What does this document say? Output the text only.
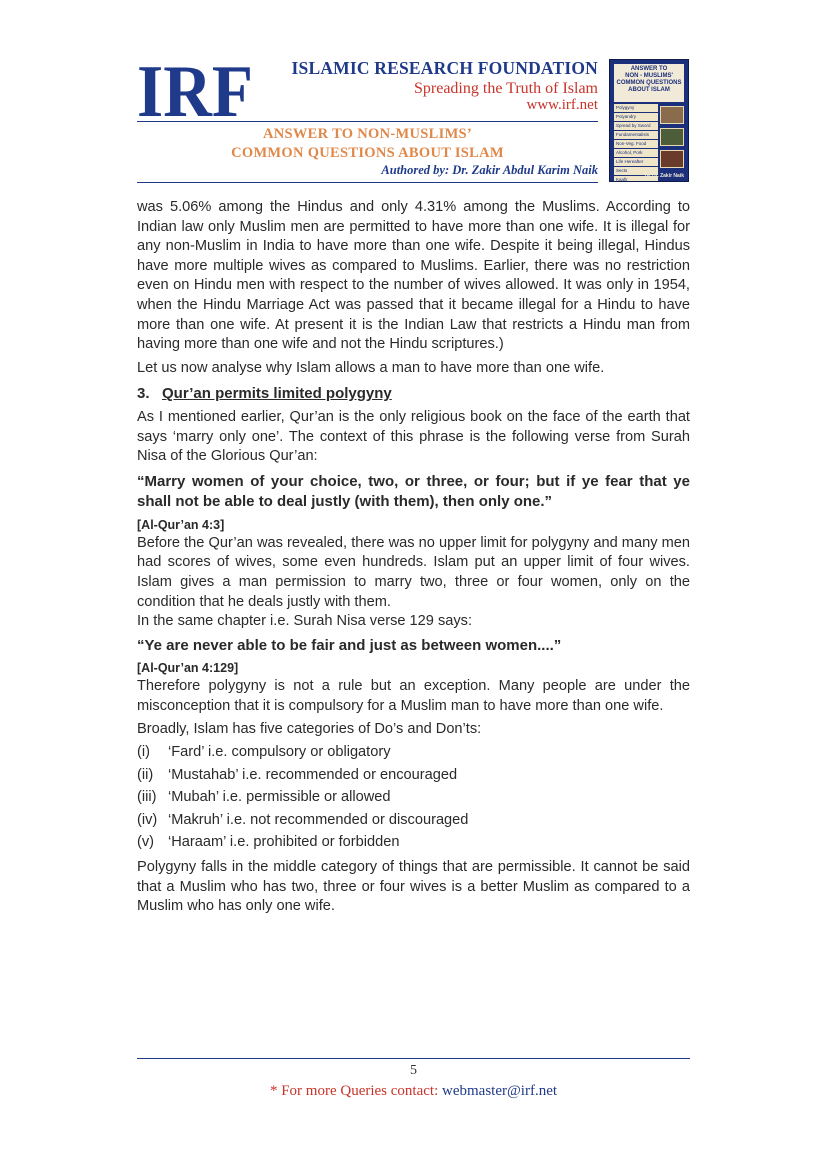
IRF	ISLAMIC RESEARCH FOUNDATION
Spreading the Truth of Islam
www.irf.net
ANSWER TO NON-MUSLIMS’
COMMON QUESTIONS ABOUT ISLAM
Authored by: Dr. Zakir Abdul Karim Naik
ANSWER TO
NON - MUSLIMS'
COMMON QUESTIONS
ABOUT ISLAM
Polygyny
Polyandry
Spread by Sword
Fundamentalists
Non-Veg. Food
Alcohol, Pork
Life Hereafter
Sects
Kaafir
by Dr. Zakir Naik

was 5.06% among the Hindus and only 4.31% among the Muslims. According to Indian law only Muslim men are permitted to have more than one wife. It is illegal for any non-Muslim in India to have more than one wife. Despite it being illegal, Hindus have more multiple wives as compared to Muslims. Earlier, there was no restriction even on Hindu men with respect to the number of wives allowed. It was only in 1954, when the Hindu Marriage Act was passed that it became illegal for a Hindu to have more than one wife. At present it is the Indian Law that restricts a Hindu man from having more than one wife and not the Hindu scriptures.)

Let us now analyse why Islam allows a man to have more than one wife.

3. Qur’an permits limited polygyny

As I mentioned earlier, Qur’an is the only religious book on the face of the earth that says ‘marry only one’. The context of this phrase is the following verse from Surah Nisa of the Glorious Qur’an:

“Marry women of your choice, two, or three, or four; but if ye fear that ye shall not be able to deal justly (with them), then only one.”

[Al-Qur’an 4:3]

Before the Qur’an was revealed, there was no upper limit for polygyny and many men had scores of wives, some even hundreds. Islam put an upper limit of four wives. Islam gives a man permission to marry two, three or four women, only on the condition that he deals justly with them.

In the same chapter i.e. Surah Nisa verse 129 says:

“Ye are never able to be fair and just as between women....”

[Al-Qur’an 4:129]

Therefore polygyny is not a rule but an exception. Many people are under the misconception that it is compulsory for a Muslim man to have more than one wife.

Broadly, Islam has five categories of Do’s and Don’ts:

(i) ‘Fard’ i.e. compulsory or obligatory

(ii) ‘Mustahab’ i.e. recommended or encouraged

(iii) ‘Mubah’ i.e. permissible or allowed

(iv) ‘Makruh’ i.e. not recommended or discouraged

(v) ‘Haraam’ i.e. prohibited or forbidden

Polygyny falls in the middle category of things that are permissible. It cannot be said that a Muslim who has two, three or four wives is a better Muslim as compared to a Muslim who has only one wife.

5
* For more Queries contact: webmaster@irf.net
